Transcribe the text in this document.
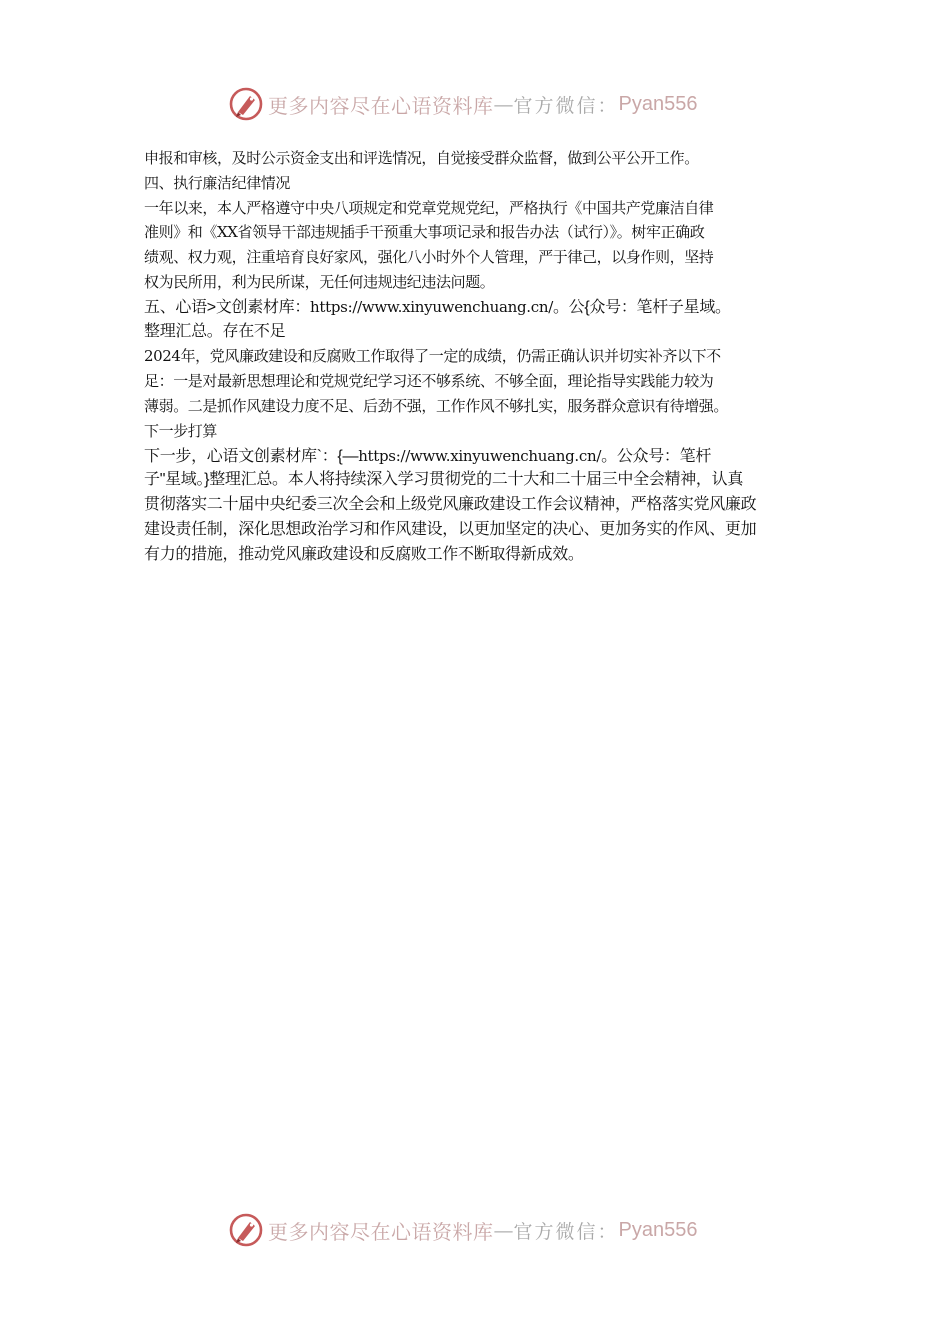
更多内容尽在心语资料库 — 官方微信： Pyan556

申报和审核，及时公示资金支出和评选情况，自觉接受群众监督，做到公平公开工作。

四、执行廉洁纪律情况

一年以来，本人严格遵守中央八项规定和党章党规党纪，严格执行《中国共产党廉洁自律

准则》和《XX省领导干部违规插手干预重大事项记录和报告办法（试行）》。树牢正确政

绩观、权力观，注重培育良好家风，强化八小时外个人管理，严于律己，以身作则，坚持

权为民所用，利为民所谋，无任何违规违纪违法问题。

五、心语>文创素材库：https://www.xinyuwenchuang.cn/。公{众号：笔杆子星域。

整理汇总。存在不足

2024年，党风廉政建设和反腐败工作取得了一定的成绩，仍需正确认识并切实补齐以下不

足：一是对最新思想理论和党规党纪学习还不够系统、不够全面，理论指导实践能力较为

薄弱。二是抓作风建设力度不足、后劲不强，工作作风不够扎实，服务群众意识有待增强。

下一步打算

下一步，心语文创素材库`：{—https://www.xinyuwenchuang.cn/。公众号：笔杆

子"星域。}整理汇总。本人将持续深入学习贯彻党的二十大和二十届三中全会精神，认真

贯彻落实二十届中央纪委三次全会和上级党风廉政建设工作会议精神，严格落实党风廉政

建设责任制，深化思想政治学习和作风建设，以更加坚定的决心、更加务实的作风、更加

有力的措施，推动党风廉政建设和反腐败工作不断取得新成效。

更多内容尽在心语资料库 — 官方微信： Pyan556
